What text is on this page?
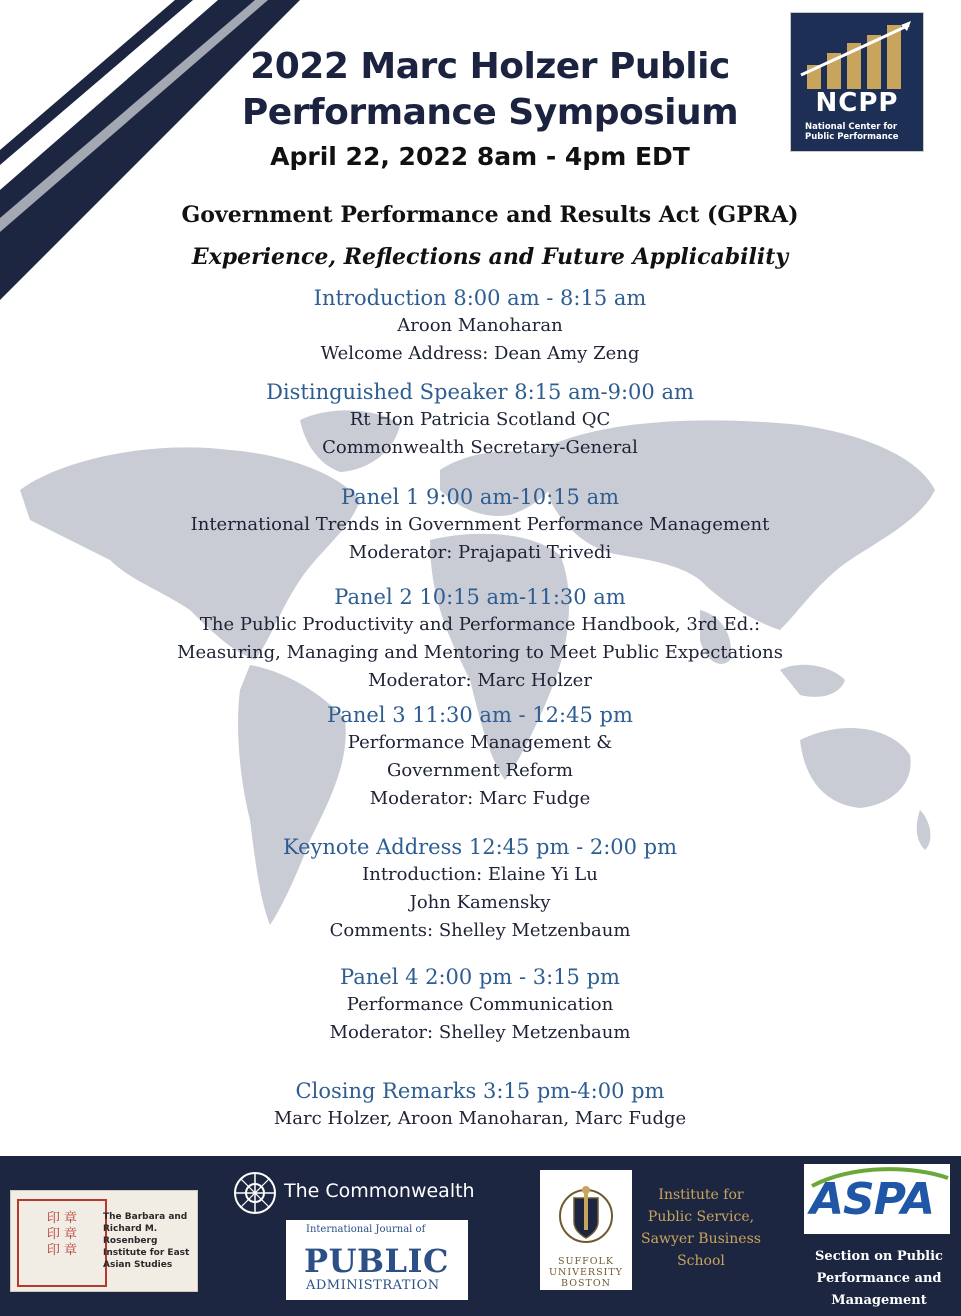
2022 Marc Holzer Public
Performance Symposium
April 22, 2022 8am - 4pm EDT
NCPP
National Center for Public Performance
Government Performance and Results Act (GPRA)
Experience, Reflections and Future Applicability
Introduction 8:00 am - 8:15 am
Aroon Manoharan
Welcome Address: Dean Amy Zeng
Distinguished Speaker 8:15 am-9:00 am
Rt Hon Patricia Scotland QC
Commonwealth Secretary-General
Panel 1 9:00 am-10:15 am
International Trends in Government Performance Management
Moderator: Prajapati Trivedi
Panel 2 10:15 am-11:30 am
The Public Productivity and Performance Handbook, 3rd Ed.:
Measuring, Managing and Mentoring to Meet Public Expectations
Moderator: Marc Holzer
Panel 3 11:30 am - 12:45 pm
Performance Management &
Government Reform
Moderator: Marc Fudge
Keynote Address 12:45 pm - 2:00 pm
Introduction: Elaine Yi Lu
John Kamensky
Comments: Shelley Metzenbaum
Panel 4 2:00 pm - 3:15 pm
Performance Communication
Moderator: Shelley Metzenbaum
Closing Remarks 3:15 pm-4:00 pm
Marc Holzer, Aroon Manoharan, Marc Fudge
印 章
印 章
印 章
The Barbara and Richard M. Rosenberg Institute for East Asian Studies
The Commonwealth
International Journal of
PUBLIC
ADMINISTRATION
SUFFOLK UNIVERSITY BOSTON
Institute for Public Service, Sawyer Business School
ASPA
Section on Public Performance and Management
